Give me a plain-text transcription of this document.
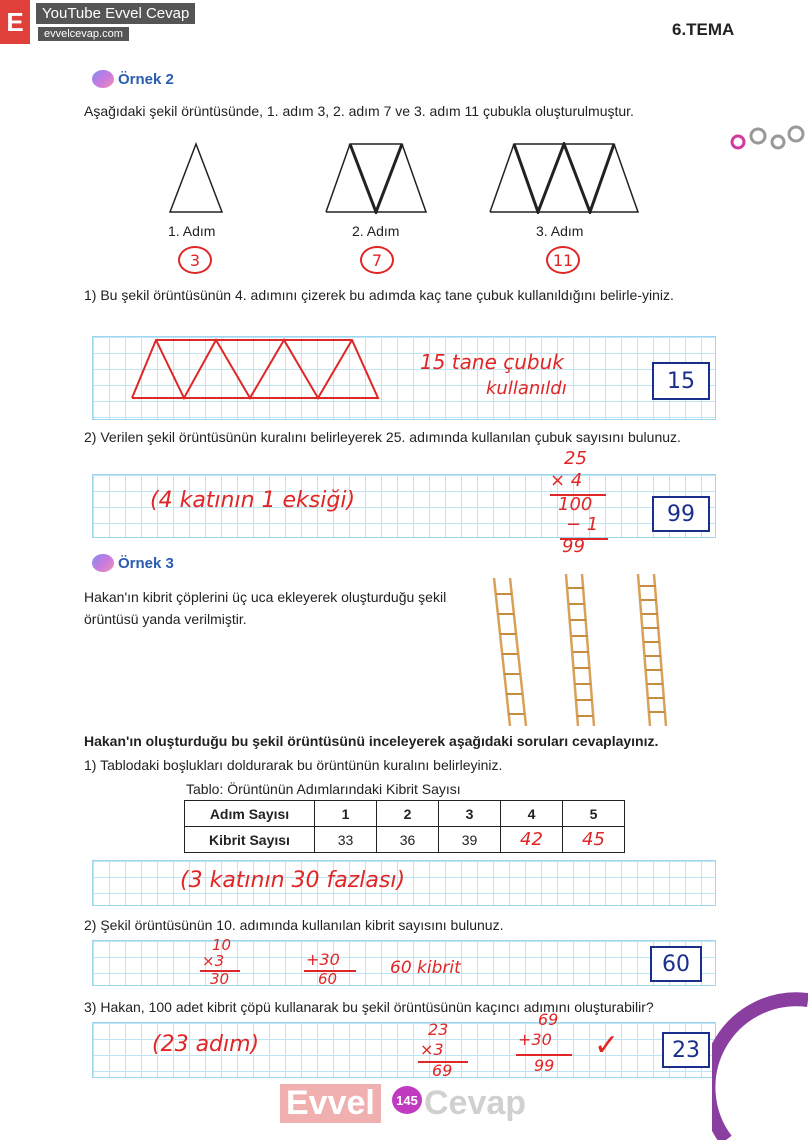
E	YouTube Evvel Cevap
evvelcevap.com	6.TEMA
Örnek 2
Aşağıdaki şekil örüntüsünde, 1. adım 3, 2. adım 7 ve 3. adım 11 çubukla oluşturulmuştur.
1. Adım	2. Adım	3. Adım
3	7	11
1) Bu şekil örüntüsünün 4. adımını çizerek bu adımda kaç tane çubuk kullanıldığını belirle-yiniz.
15 tane çubuk
kullanıldı	15
2) Verilen şekil örüntüsünün kuralını belirleyerek 25. adımında kullanılan çubuk sayısını bulunuz.
(4 katının 1 eksiği)
25
× 4
100
− 1
99
99
Örnek 3
Hakan'ın kibrit çöplerini üç uca ekleyerek oluşturduğu şekil örüntüsü yanda verilmiştir.
Hakan'ın oluşturduğu bu şekil örüntüsünü inceleyerek aşağıdaki soruları cevaplayınız.
1) Tablodaki boşlukları doldurarak bu örüntünün kuralını belirleyiniz.
Tablo: Örüntünün Adımlarındaki Kibrit Sayısı
Adım Sayısı	1	2	3	4	5
Kibrit Sayısı	33	36	39	42	45
(3 katının 30 fazlası)
2) Şekil örüntüsünün 10. adımında kullanılan kibrit sayısını bulunuz.
10
×3
30
+30
60
60 kibrit	60
3) Hakan, 100 adet kibrit çöpü kullanarak bu şekil örüntüsünün kaçıncı adımını oluşturabilir?
(23 adım)
23
×3
69
69
+30
99
✓	23
Evvel	145 Cevap
